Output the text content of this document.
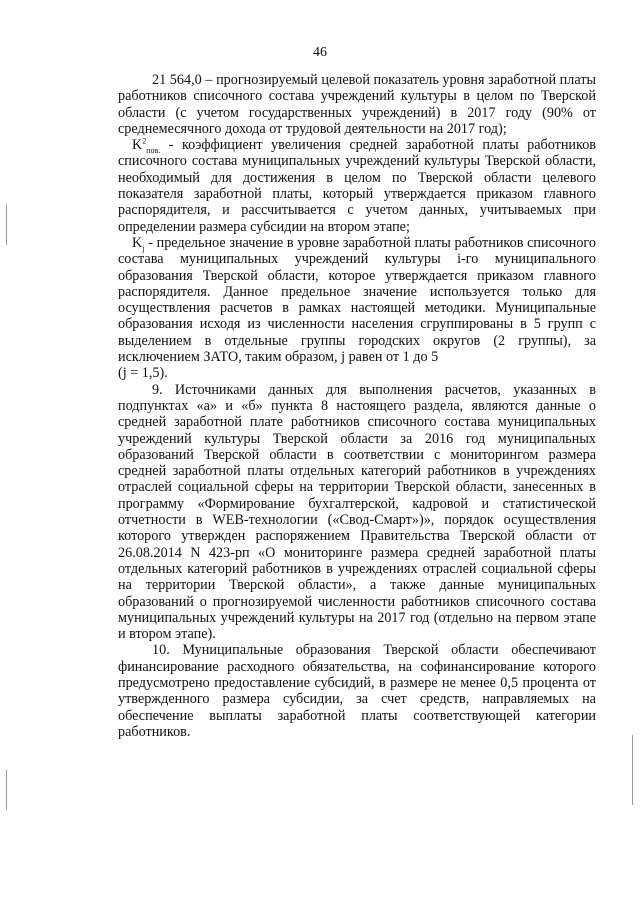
46

21 564,0 – прогнозируемый целевой показатель уровня заработной платы работников списочного состава учреждений культуры в целом по Тверской области (с учетом государственных учреждений) в 2017 году (90% от среднемесячного дохода от трудовой деятельности на 2017 год);

$K^2_{пов.}$ - коэффициент увеличения средней заработной платы работников списочного состава муниципальных учреждений культуры Тверской области, необходимый для достижения в целом по Тверской области целевого показателя заработной платы, который утверждается приказом главного распорядителя, и рассчитывается с учетом данных, учитываемых при определении размера субсидии на втором этапе;

$K_j$ - предельное значение в уровне заработной платы работников списочного состава муниципальных учреждений культуры i-го муниципального образования Тверской области, которое утверждается приказом главного распорядителя. Данное предельное значение используется только для осуществления расчетов в рамках настоящей методики. Муниципальные образования исходя из численности населения сгруппированы в 5 групп с выделением в отдельные группы городских округов (2 группы), за исключением ЗАТО, таким образом, j равен от 1 до 5

(j = 1,5).

9. Источниками данных для выполнения расчетов, указанных в подпунктах «а» и «б» пункта 8 настоящего раздела, являются данные о средней заработной плате работников списочного состава муниципальных учреждений культуры Тверской области за 2016 год муниципальных образований Тверской области в соответствии с мониторингом размера средней заработной платы отдельных категорий работников в учреждениях отраслей социальной сферы на территории Тверской области, занесенных в программу «Формирование бухгалтерской, кадровой и статистической отчетности в WEB-технологии («Свод-Смарт»)», порядок осуществления которого утвержден распоряжением Правительства Тверской области от 26.08.2014 N 423-рп «О мониторинге размера средней заработной платы отдельных категорий работников в учреждениях отраслей социальной сферы на территории Тверской области», а также данные муниципальных образований о прогнозируемой численности работников списочного состава муниципальных учреждений культуры на 2017 год (отдельно на первом этапе и втором этапе).

10. Муниципальные образования Тверской области обеспечивают финансирование расходного обязательства, на софинансирование которого предусмотрено предоставление субсидий, в размере не менее 0,5 процента от утвержденного размера субсидии, за счет средств, направляемых на обеспечение выплаты заработной платы соответствующей категории работников.
